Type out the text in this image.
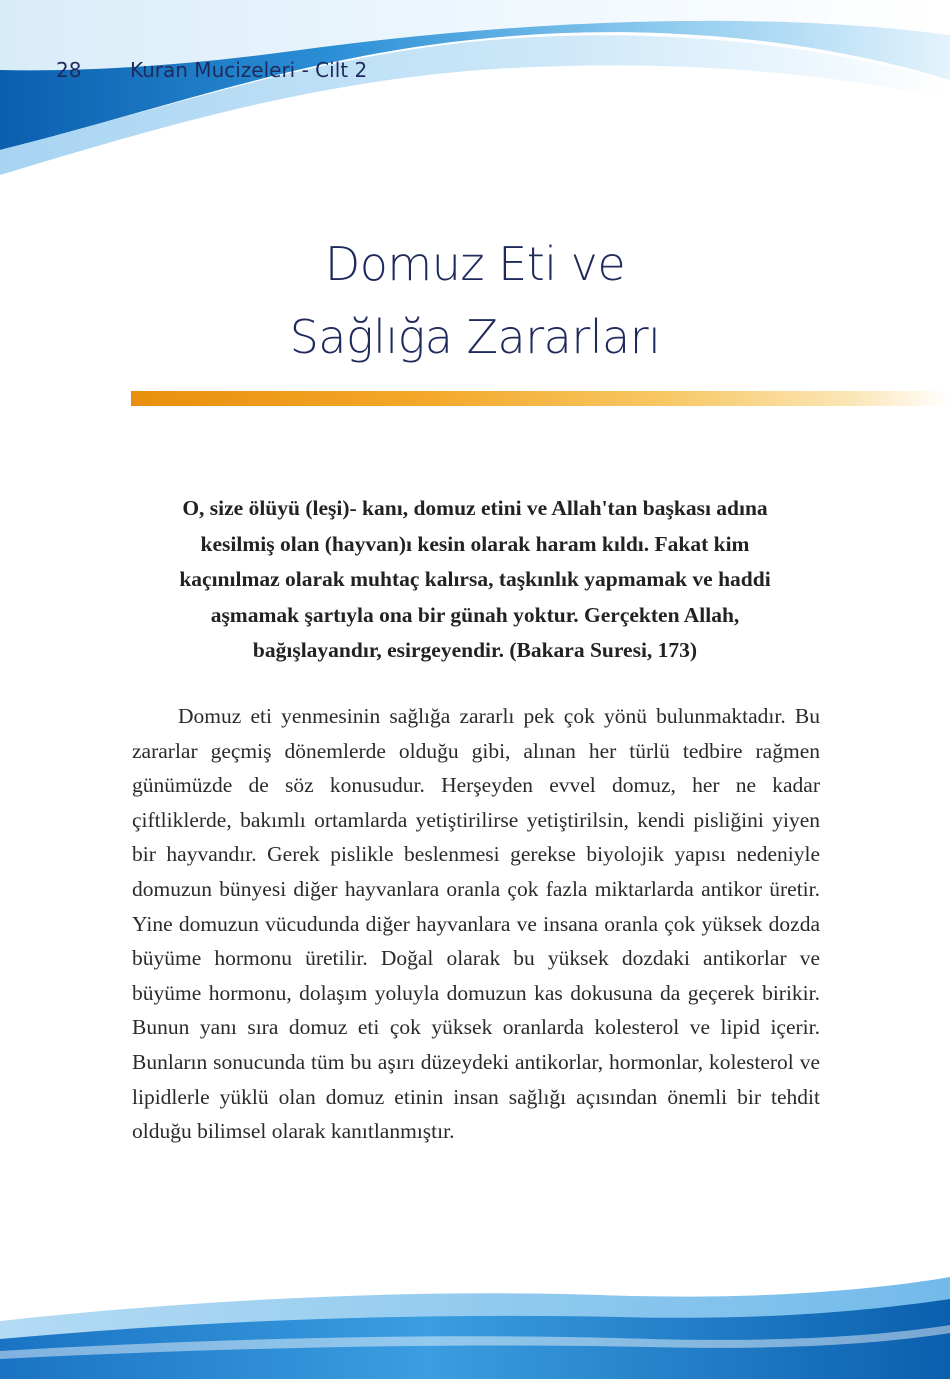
28 Kuran Mucizeleri - Cilt 2
Domuz Eti ve
Sağlığa Zararları
O, size ölüyü (leşi)- kanı, domuz etini ve Allah'tan başkası adına kesilmiş olan (hayvan)ı kesin olarak haram kıldı. Fakat kim kaçınılmaz olarak muhtaç kalırsa, taşkınlık yapmamak ve haddi aşmamak şartıyla ona bir günah yoktur. Gerçekten Allah, bağışlayandır, esirgeyendir. (Bakara Suresi, 173)
Domuz eti yenmesinin sağlığa zararlı pek çok yönü bulunmaktadır. Bu zararlar geçmiş dönemlerde olduğu gibi, alınan her türlü tedbire rağmen günümüzde de söz konusudur. Herşeyden evvel domuz, her ne kadar çiftliklerde, bakımlı ortamlarda yetiştirilirse yetiştirilsin, kendi pisliğini yiyen bir hayvandır. Gerek pislikle beslenmesi gerekse biyolojik yapısı nedeniyle domuzun bünyesi diğer hayvanlara oranla çok fazla miktarlarda antikor üretir. Yine domuzun vücudunda diğer hayvanlara ve insana oranla çok yüksek dozda büyüme hormonu üretilir. Doğal olarak bu yüksek dozdaki antikorlar ve büyüme hormonu, dolaşım yoluyla domuzun kas dokusuna da geçerek birikir. Bunun yanı sıra domuz eti çok yüksek oranlarda kolesterol ve lipid içerir. Bunların sonucunda tüm bu aşırı düzeydeki antikorlar, hormonlar, kolesterol ve lipidlerle yüklü olan domuz etinin insan sağlığı açısından önemli bir tehdit olduğu bilimsel olarak kanıtlanmıştır.
